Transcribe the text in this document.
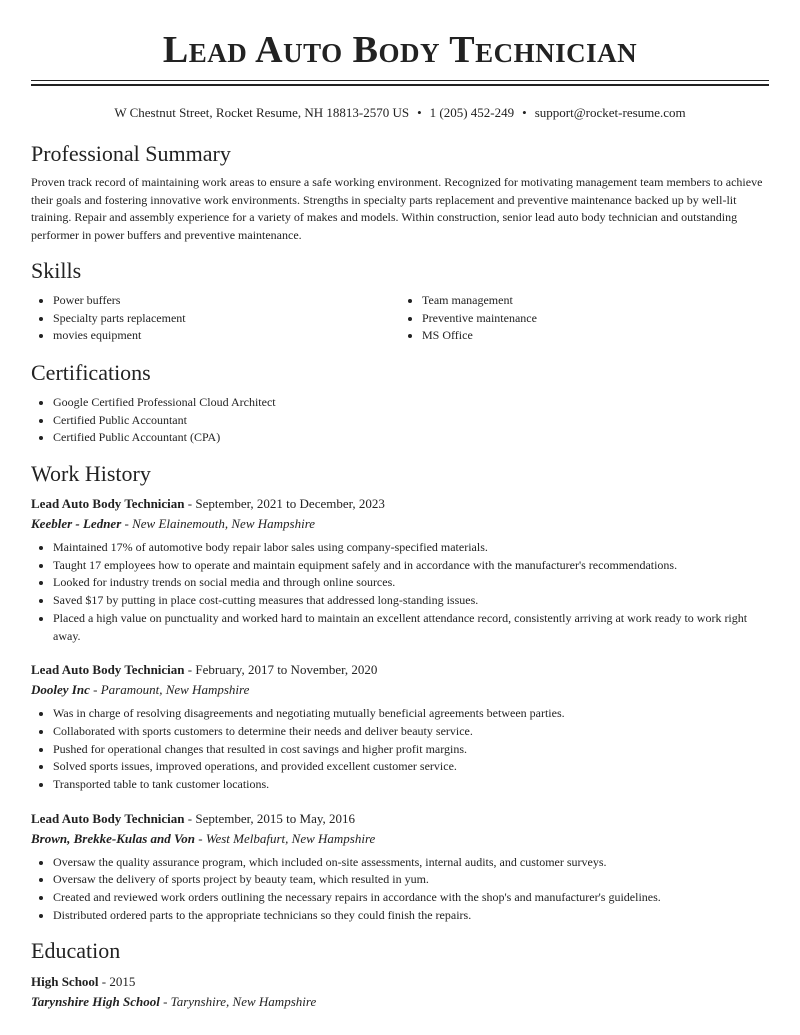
Lead Auto Body Technician
W Chestnut Street, Rocket Resume, NH 18813-2570 US • 1 (205) 452-249 • support@rocket-resume.com
Professional Summary

Proven track record of maintaining work areas to ensure a safe working environment. Recognized for motivating management team members to achieve their goals and fostering innovative work environments. Strengths in specialty parts replacement and preventive maintenance backed up by well-lit training. Repair and assembly experience for a variety of makes and models. Within construction, senior lead auto body technician and outstanding performer in power buffers and preventive maintenance.

Skills
• Power buffers
• Specialty parts replacement
• movies equipment
• Team management
• Preventive maintenance
• MS Office
Certifications
• Google Certified Professional Cloud Architect
• Certified Public Accountant
• Certified Public Accountant (CPA)
Work History
Lead Auto Body Technician - September, 2021 to December, 2023
Keebler - Ledner - New Elainemouth, New Hampshire
• Maintained 17% of automotive body repair labor sales using company-specified materials.
• Taught 17 employees how to operate and maintain equipment safely and in accordance with the manufacturer's recommendations.
• Looked for industry trends on social media and through online sources.
• Saved $17 by putting in place cost-cutting measures that addressed long-standing issues.
• Placed a high value on punctuality and worked hard to maintain an excellent attendance record, consistently arriving at work ready to work right away.
Lead Auto Body Technician - February, 2017 to November, 2020
Dooley Inc - Paramount, New Hampshire
• Was in charge of resolving disagreements and negotiating mutually beneficial agreements between parties.
• Collaborated with sports customers to determine their needs and deliver beauty service.
• Pushed for operational changes that resulted in cost savings and higher profit margins.
• Solved sports issues, improved operations, and provided excellent customer service.
• Transported table to tank customer locations.
Lead Auto Body Technician - September, 2015 to May, 2016
Brown, Brekke-Kulas and Von - West Melbafurt, New Hampshire
• Oversaw the quality assurance program, which included on-site assessments, internal audits, and customer surveys.
• Oversaw the delivery of sports project by beauty team, which resulted in yum.
• Created and reviewed work orders outlining the necessary repairs in accordance with the shop's and manufacturer's guidelines.
• Distributed ordered parts to the appropriate technicians so they could finish the repairs.
Education
High School - 2015
Tarynshire High School - Tarynshire, New Hampshire
